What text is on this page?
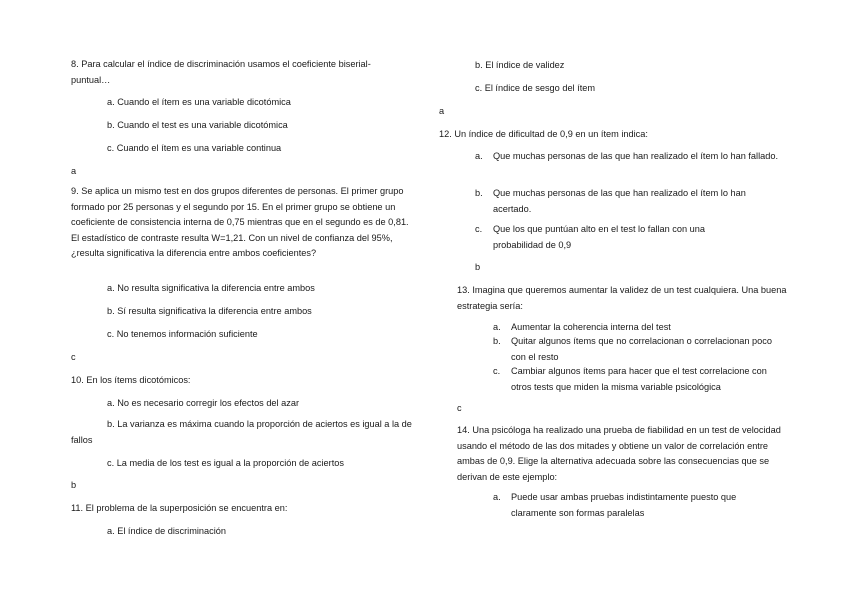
8. Para calcular el índice de discriminación usamos el coeficiente biserial-puntual…

a. Cuando el ítem es una variable dicotómica

b. Cuando el test es una variable dicotómica

c. Cuando el ítem es una variable continua

a

9. Se aplica un mismo test en dos grupos diferentes de personas. El primer grupo formado por 25 personas y el segundo por 15. En el primer grupo se obtiene un coeficiente de consistencia interna de 0,75 mientras que en el segundo es de 0,81. El estadístico de contraste resulta W=1,21. Con un nivel de confianza del 95%, ¿resulta significativa la diferencia entre ambos coeficientes?

a. No resulta significativa la diferencia entre ambos

b. Sí resulta significativa la diferencia entre ambos

c. No tenemos información suficiente

c

10. En los ítems dicotómicos:

a. No es necesario corregir los efectos del azar

b. La varianza es máxima cuando la proporción de aciertos es igual a la de fallos

c. La media de los test es igual a la proporción de aciertos

b

11. El problema de la superposición se encuentra en:

a. El índice de discriminación

b. El índice de validez

c. El índice de sesgo del ítem

a

12. Un índice de dificultad de 0,9 en un ítem indica:

a. Que muchas personas de las que han realizado el ítem lo han fallado.

b. Que muchas personas de las que han realizado el ítem lo han acertado.

c. Que los que puntúan alto en el test lo fallan con una probabilidad de 0,9

b

13. Imagina que queremos aumentar la validez de un test cualquiera. Una buena estrategia sería:

a. Aumentar la coherencia interna del test

b. Quitar algunos ítems que no correlacionan o correlacionan poco con el resto

c. Cambiar algunos ítems para hacer que el test correlacione con otros tests que miden la misma variable psicológica

c

14. Una psicóloga ha realizado una prueba de fiabilidad en un test de velocidad usando el método de las dos mitades y obtiene un valor de correlación entre ambas de 0,9. Elige la alternativa adecuada sobre las consecuencias que se derivan de este ejemplo:

a. Puede usar ambas pruebas indistintamente puesto que claramente son formas paralelas
